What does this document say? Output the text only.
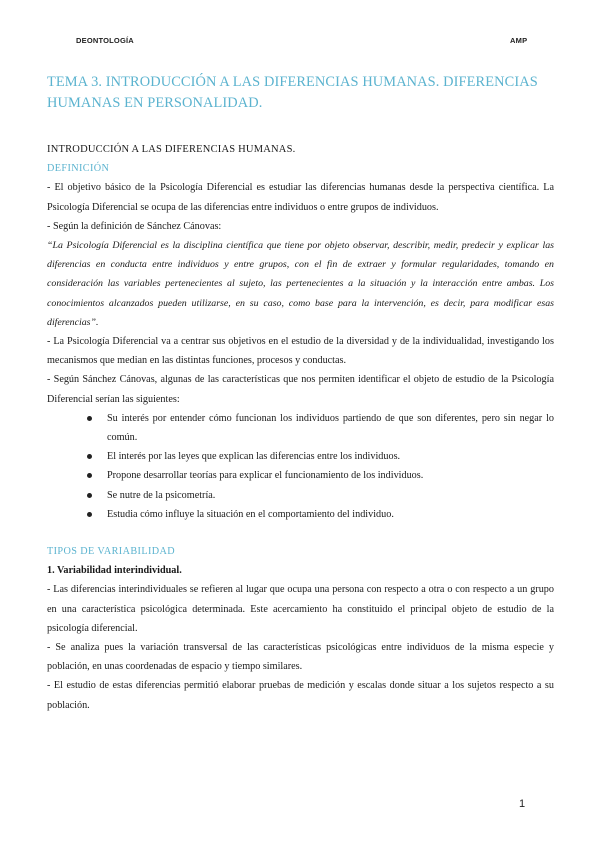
DEONTOLOGÍA	AMP
TEMA 3. INTRODUCCIÓN A LAS DIFERENCIAS HUMANAS. DIFERENCIAS HUMANAS EN PERSONALIDAD.

INTRODUCCIÓN A LAS DIFERENCIAS HUMANAS.

DEFINICIÓN

- El objetivo básico de la Psicología Diferencial es estudiar las diferencias humanas desde la perspectiva científica. La Psicología Diferencial se ocupa de las diferencias entre individuos o entre grupos de individuos.

- Según la definición de Sánchez Cánovas:

“La Psicología Diferencial es la disciplina científica que tiene por objeto observar, describir, medir, predecir y explicar las diferencias en conducta entre individuos y entre grupos, con el fin de extraer y formular regularidades, tomando en consideración las variables pertenecientes al sujeto, las pertenecientes a la situación y la interacción entre ambas. Los conocimientos alcanzados pueden utilizarse, en su caso, como base para la intervención, es decir, para modificar esas diferencias”.

- La Psicología Diferencial va a centrar sus objetivos en el estudio de la diversidad y de la individualidad, investigando los mecanismos que median en las distintas funciones, procesos y conductas.

- Según Sánchez Cánovas, algunas de las características que nos permiten identificar el objeto de estudio de la Psicología Diferencial serían las siguientes:

Su interés por entender cómo funcionan los individuos partiendo de que son diferentes, pero sin negar lo común.
El interés por las leyes que explican las diferencias entre los individuos.
Propone desarrollar teorías para explicar el funcionamiento de los individuos.
Se nutre de la psicometría.
Estudia cómo influye la situación en el comportamiento del individuo.

TIPOS DE VARIABILIDAD

1. Variabilidad interindividual.

- Las diferencias interindividuales se refieren al lugar que ocupa una persona con respecto a otra o con respecto a un grupo en una característica psicológica determinada. Este acercamiento ha constituido el principal objeto de estudio de la psicología diferencial.

- Se analiza pues la variación transversal de las características psicológicas entre individuos de la misma especie y población, en unas coordenadas de espacio y tiempo similares.

- El estudio de estas diferencias permitió elaborar pruebas de medición y escalas donde situar a los sujetos respecto a su población.

1
